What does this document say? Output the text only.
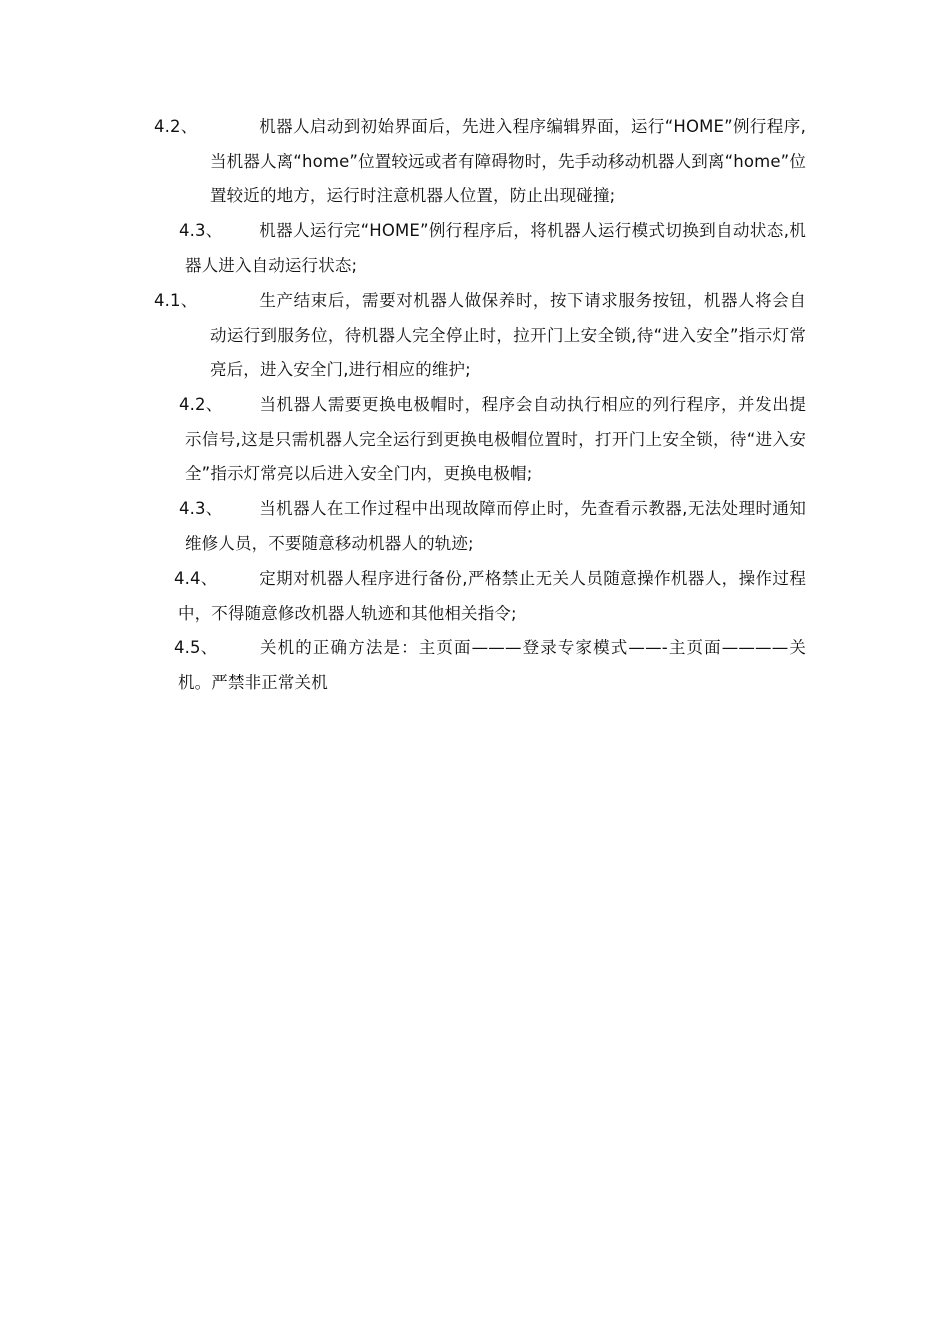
4.2、	机器人启动到初始界面后，先进入程序编辑界面，运行“HOME”例行程序,当机器人离“home”位置较远或者有障碍物时，先手动移动机器人到离“home”位置较近的地方，运行时注意机器人位置，防止出现碰撞;
4.3、 机器人运行完“HOME”例行程序后，将机器人运行模式切换到自动状态,机器人进入自动运行状态;
4.1、	生产结束后，需要对机器人做保养时，按下请求服务按钮，机器人将会自动运行到服务位，待机器人完全停止时，拉开门上安全锁,待“进入安全”指示灯常亮后，进入安全门,进行相应的维护;
4.2、 当机器人需要更换电极帽时，程序会自动执行相应的列行程序，并发出提示信号,这是只需机器人完全运行到更换电极帽位置时，打开门上安全锁，待“进入安全”指示灯常亮以后进入安全门内，更换电极帽;
4.3、 当机器人在工作过程中出现故障而停止时，先查看示教器,无法处理时通知维修人员，不要随意移动机器人的轨迹;
4.4、	定期对机器人程序进行备份,严格禁止无关人员随意操作机器人，操作过程中，不得随意修改机器人轨迹和其他相关指令;
4.5、	关机的正确方法是：主页面———登录专家模式——-主页面————关机。严禁非正常关机
